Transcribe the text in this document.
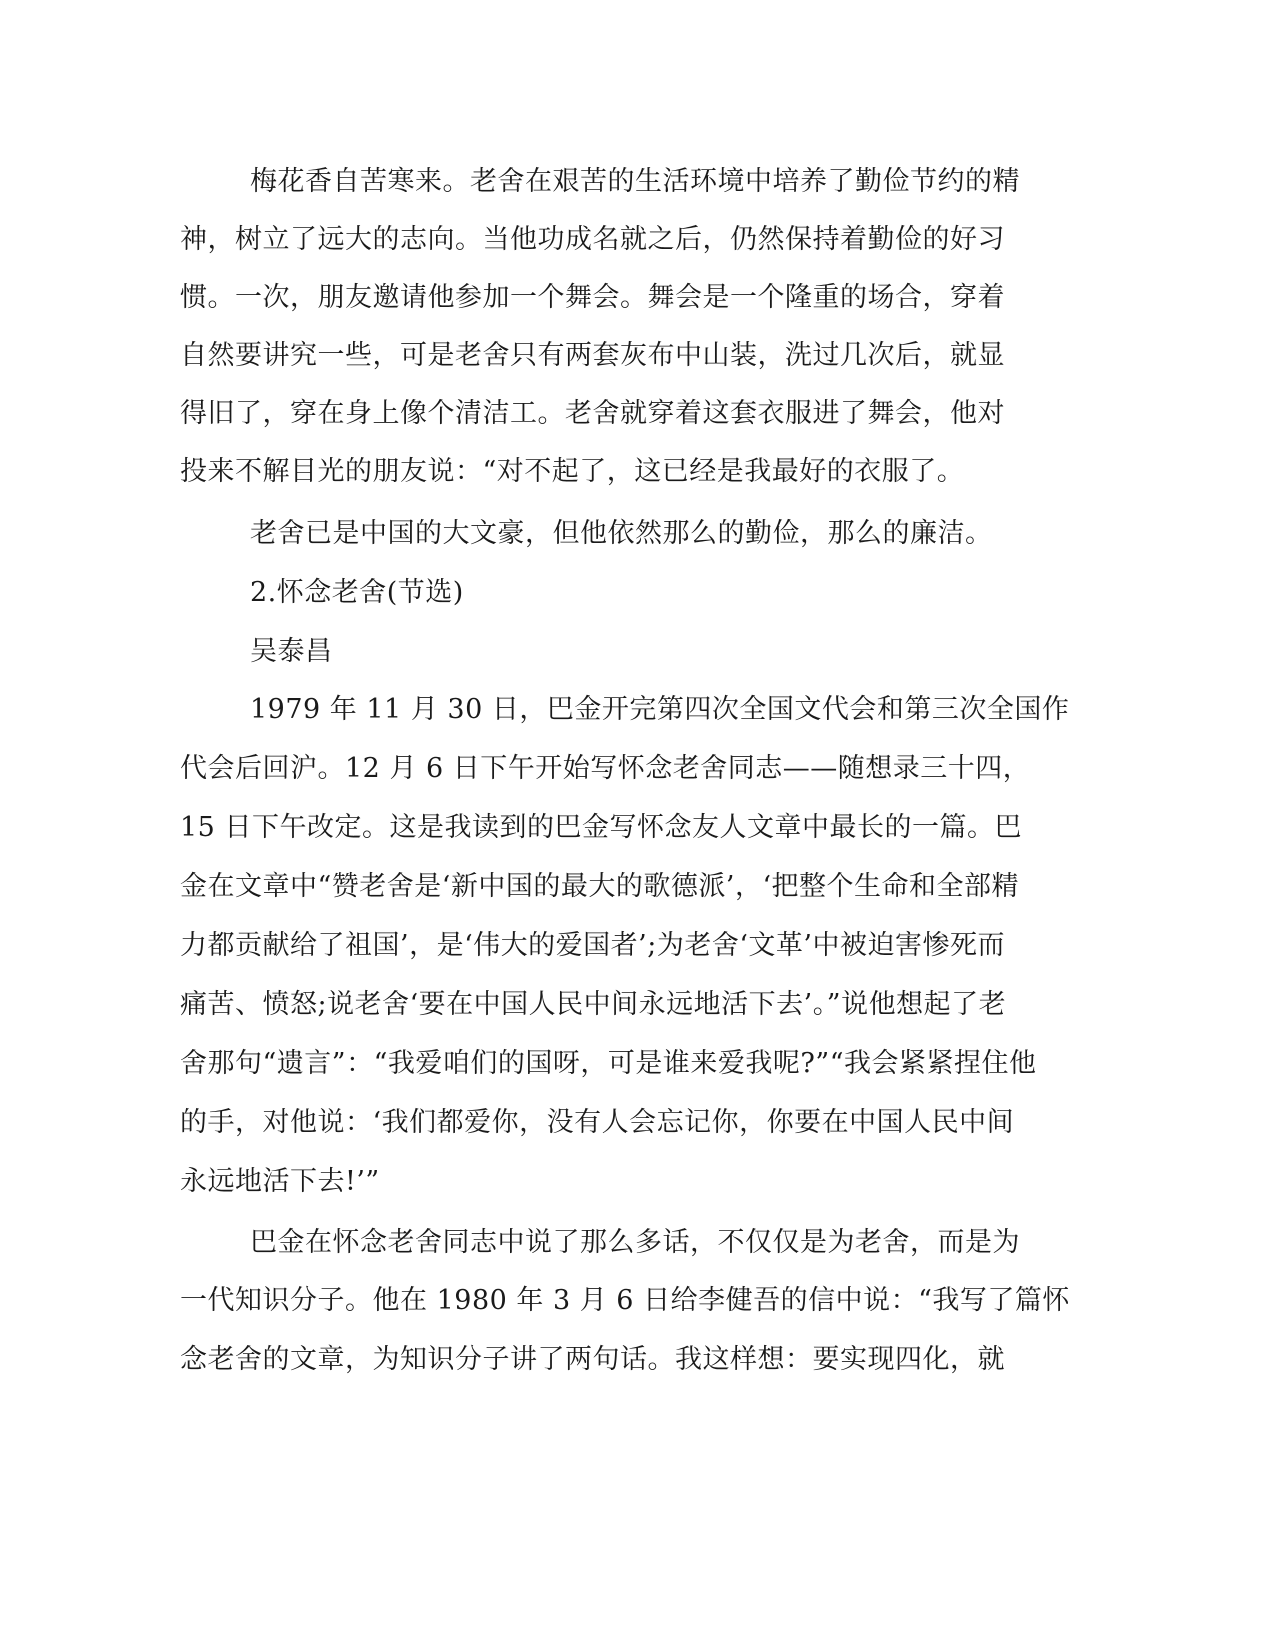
梅花香自苦寒来。老舍在艰苦的生活环境中培养了勤俭节约的精

神，树立了远大的志向。当他功成名就之后，仍然保持着勤俭的好习

惯。一次，朋友邀请他参加一个舞会。舞会是一个隆重的场合，穿着

自然要讲究一些，可是老舍只有两套灰布中山装，洗过几次后，就显

得旧了，穿在身上像个清洁工。老舍就穿着这套衣服进了舞会，他对

投来不解目光的朋友说：“对不起了，这已经是我最好的衣服了。

老舍已是中国的大文豪，但他依然那么的勤俭，那么的廉洁。

2.怀念老舍(节选)

吴泰昌

1979 年 11 月 30 日，巴金开完第四次全国文代会和第三次全国作

代会后回沪。12 月 6 日下午开始写怀念老舍同志——随想录三十四，

15 日下午改定。这是我读到的巴金写怀念友人文章中最长的一篇。巴

金在文章中“赞老舍是‘新中国的最大的歌德派’，‘把整个生命和全部精

力都贡献给了祖国’，是‘伟大的爱国者’;为老舍‘文革’中被迫害惨死而

痛苦、愤怒;说老舍‘要在中国人民中间永远地活下去’。”说他想起了老

舍那句“遗言”：“我爱咱们的国呀，可是谁来爱我呢?”“我会紧紧捏住他

的手，对他说：‘我们都爱你，没有人会忘记你，你要在中国人民中间

永远地活下去!’”

巴金在怀念老舍同志中说了那么多话，不仅仅是为老舍，而是为

一代知识分子。他在 1980 年 3 月 6 日给李健吾的信中说：“我写了篇怀

念老舍的文章，为知识分子讲了两句话。我这样想：要实现四化，就
